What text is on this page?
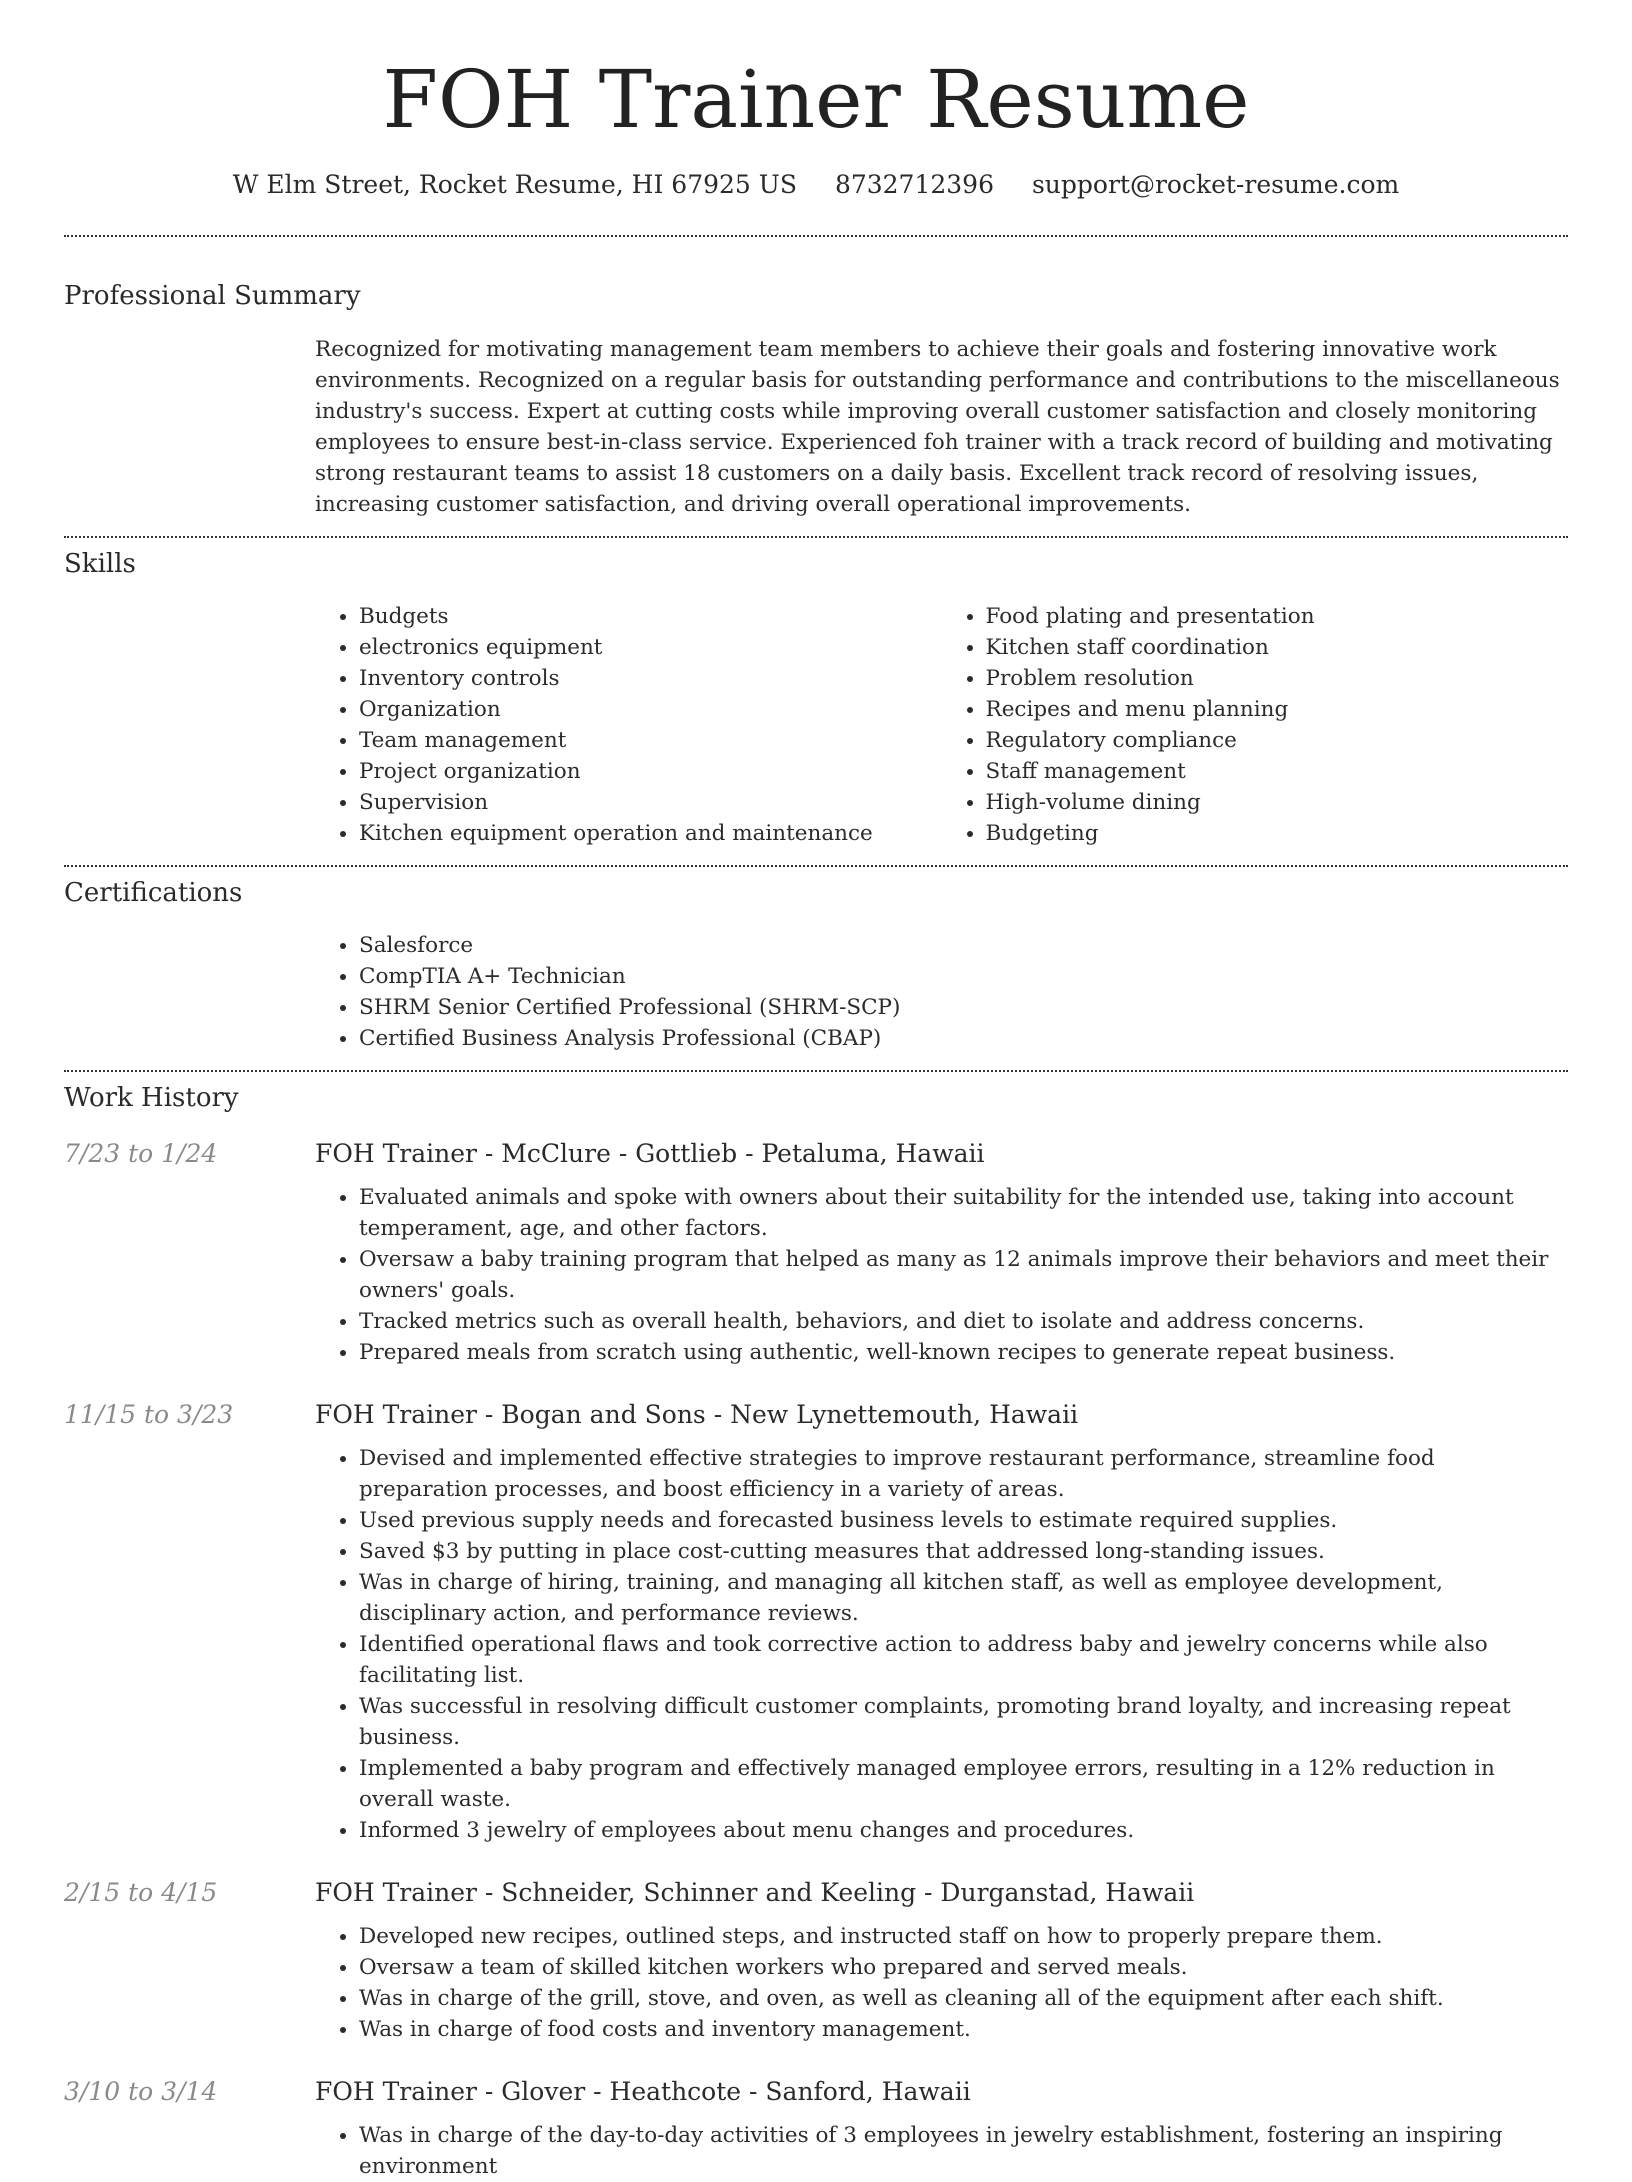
FOH Trainer Resume
W Elm Street, Rocket Resume, HI 67925 US 8732712396 support@rocket-resume.com
Professional Summary
Recognized for motivating management team members to achieve their goals and fostering innovative work environments. Recognized on a regular basis for outstanding performance and contributions to the miscellaneous industry's success. Expert at cutting costs while improving overall customer satisfaction and closely monitoring employees to ensure best-in-class service. Experienced foh trainer with a track record of building and motivating strong restaurant teams to assist 18 customers on a daily basis. Excellent track record of resolving issues, increasing customer satisfaction, and driving overall operational improvements.
Skills
• Budgets
• electronics equipment
• Inventory controls
• Organization
• Team management
• Project organization
• Supervision
• Kitchen equipment operation and maintenance
• Food plating and presentation
• Kitchen staff coordination
• Problem resolution
• Recipes and menu planning
• Regulatory compliance
• Staff management
• High-volume dining
• Budgeting
Certifications
• Salesforce
• CompTIA A+ Technician
• SHRM Senior Certified Professional (SHRM-SCP)
• Certified Business Analysis Professional (CBAP)
Work History
7/23 to 1/24	FOH Trainer - McClure - Gottlieb - Petaluma, Hawaii
• Evaluated animals and spoke with owners about their suitability for the intended use, taking into account temperament, age, and other factors.
• Oversaw a baby training program that helped as many as 12 animals improve their behaviors and meet their owners' goals.
• Tracked metrics such as overall health, behaviors, and diet to isolate and address concerns.
• Prepared meals from scratch using authentic, well-known recipes to generate repeat business.
11/15 to 3/23	FOH Trainer - Bogan and Sons - New Lynettemouth, Hawaii
• Devised and implemented effective strategies to improve restaurant performance, streamline food preparation processes, and boost efficiency in a variety of areas.
• Used previous supply needs and forecasted business levels to estimate required supplies.
• Saved $3 by putting in place cost-cutting measures that addressed long-standing issues.
• Was in charge of hiring, training, and managing all kitchen staff, as well as employee development, disciplinary action, and performance reviews.
• Identified operational flaws and took corrective action to address baby and jewelry concerns while also facilitating list.
• Was successful in resolving difficult customer complaints, promoting brand loyalty, and increasing repeat business.
• Implemented a baby program and effectively managed employee errors, resulting in a 12% reduction in overall waste.
• Informed 3 jewelry of employees about menu changes and procedures.
2/15 to 4/15	FOH Trainer - Schneider, Schinner and Keeling - Durganstad, Hawaii
• Developed new recipes, outlined steps, and instructed staff on how to properly prepare them.
• Oversaw a team of skilled kitchen workers who prepared and served meals.
• Was in charge of the grill, stove, and oven, as well as cleaning all of the equipment after each shift.
• Was in charge of food costs and inventory management.
3/10 to 3/14	FOH Trainer - Glover - Heathcote - Sanford, Hawaii
• Was in charge of the day-to-day activities of 3 employees in jewelry establishment, fostering an inspiring environment
